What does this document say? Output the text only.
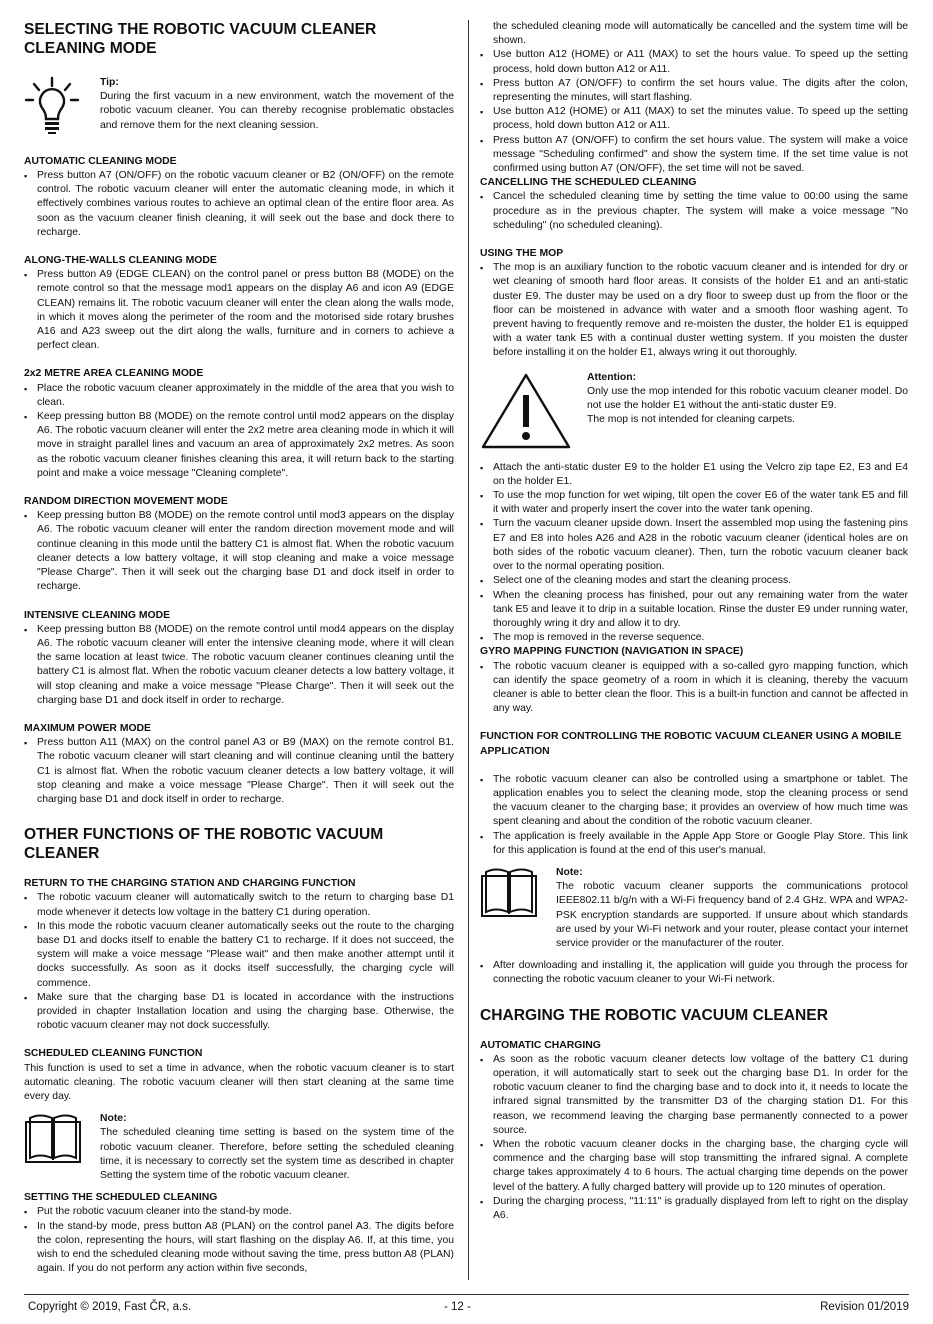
SELECTING THE ROBOTIC VACUUM CLEANER CLEANING MODE
Tip:

During the first vacuum in a new environment, watch the movement of the robotic vacuum cleaner. You can thereby recognise problematic obstacles and remove them for the next cleaning session.

AUTOMATIC CLEANING MODE
▪ Press button A7 (ON/OFF) on the robotic vacuum cleaner or B2 (ON/OFF) on the remote control. The robotic vacuum cleaner will enter the automatic cleaning mode, in which it effectively combines various routes to achieve an optimal clean of the entire floor area. As soon as the vacuum cleaner finish cleaning, it will seek out the base and dock there to recharge.
ALONG-THE-WALLS CLEANING MODE
▪ Press button A9 (EDGE CLEAN) on the control panel or press button B8 (MODE) on the remote control so that the message mod1 appears on the display A6 and icon A9 (EDGE CLEAN) remains lit. The robotic vacuum cleaner will enter the clean along the walls mode, in which it moves along the perimeter of the room and the motorised side rotary brushes A16 and A23 sweep out the dirt along the walls, furniture and in corners to achieve a perfect clean.
2x2 METRE AREA CLEANING MODE
▪ Place the robotic vacuum cleaner approximately in the middle of the area that you wish to clean.
▪ Keep pressing button B8 (MODE) on the remote control until mod2 appears on the display A6. The robotic vacuum cleaner will enter the 2x2 metre area cleaning mode in which it will move in straight parallel lines and vacuum an area of approximately 2x2 metres. As soon as the robotic vacuum cleaner finishes cleaning this area, it will return back to the starting point and make a voice message "Cleaning complete".
RANDOM DIRECTION MOVEMENT MODE
▪ Keep pressing button B8 (MODE) on the remote control until mod3 appears on the display A6. The robotic vacuum cleaner will enter the random direction movement mode and will continue cleaning in this mode until the battery C1 is almost flat. When the robotic vacuum cleaner detects a low battery voltage, it will stop cleaning and make a voice message "Please Charge". Then it will seek out the charging base D1 and dock itself in order to recharge.
INTENSIVE CLEANING MODE
▪ Keep pressing button B8 (MODE) on the remote control until mod4 appears on the display A6. The robotic vacuum cleaner will enter the intensive cleaning mode, where it will clean the same location at least twice. The robotic vacuum cleaner continues cleaning until the battery C1 is almost flat. When the robotic vacuum cleaner detects a low battery voltage, it will stop cleaning and make a voice message "Please Charge". Then it will seek out the charging base D1 and dock itself in order to recharge.
MAXIMUM POWER MODE
▪ Press button A11 (MAX) on the control panel A3 or B9 (MAX) on the remote control B1. The robotic vacuum cleaner will start cleaning and will continue cleaning until the battery C1 is almost flat. When the robotic vacuum cleaner detects a low battery voltage, it will stop cleaning and make a voice message "Please Charge". Then it will seek out the charging base D1 and dock itself in order to recharge.
OTHER FUNCTIONS OF THE ROBOTIC VACUUM CLEANER
RETURN TO THE CHARGING STATION AND CHARGING FUNCTION
▪ The robotic vacuum cleaner will automatically switch to the return to charging base D1 mode whenever it detects low voltage in the battery C1 during operation.
▪ In this mode the robotic vacuum cleaner automatically seeks out the route to the charging base D1 and docks itself to enable the battery C1 to recharge. If it does not succeed, the system will make a voice message "Please wait" and then make another attempt until it docks successfully. As soon as it docks itself successfully, the charging cycle will commence.
▪ Make sure that the charging base D1 is located in accordance with the instructions provided in chapter Installation location and using the charging base. Otherwise, the robotic vacuum cleaner may not dock successfully.
SCHEDULED CLEANING FUNCTION

This function is used to set a time in advance, when the robotic vacuum cleaner is to start automatic cleaning. The robotic vacuum cleaner will then start cleaning at the same time every day.

Note:

The scheduled cleaning time setting is based on the system time of the robotic vacuum cleaner. Therefore, before setting the scheduled cleaning time, it is necessary to correctly set the system time as described in chapter Setting the system time of the robotic vacuum cleaner.

SETTING THE SCHEDULED CLEANING
▪ Put the robotic vacuum cleaner into the stand-by mode.
▪ In the stand-by mode, press button A8 (PLAN) on the control panel A3. The digits before the colon, representing the hours, will start flashing on the display A6. If, at this time, you wish to end the scheduled cleaning mode without saving the time, press button A8 (PLAN) again. If you do not perform any action within five seconds,

the scheduled cleaning mode will automatically be cancelled and the system time will be shown.

▪ Use button A12 (HOME) or A11 (MAX) to set the hours value. To speed up the setting process, hold down button A12 or A11.
▪ Press button A7 (ON/OFF) to confirm the set hours value. The digits after the colon, representing the minutes, will start flashing.
▪ Use button A12 (HOME) or A11 (MAX) to set the minutes value. To speed up the setting process, hold down button A12 or A11.
▪ Press button A7 (ON/OFF) to confirm the set hours value. The system will make a voice message "Scheduling confirmed" and show the system time. If the set time value is not confirmed using button A7 (ON/OFF), the set time will not be saved.
CANCELLING THE SCHEDULED CLEANING
▪ Cancel the scheduled cleaning time by setting the time value to 00:00 using the same procedure as in the previous chapter. The system will make a voice message "No scheduling" (no scheduled cleaning).
USING THE MOP
▪ The mop is an auxiliary function to the robotic vacuum cleaner and is intended for dry or wet cleaning of smooth hard floor areas. It consists of the holder E1 and an anti-static duster E9. The duster may be used on a dry floor to sweep dust up from the floor or the floor can be moistened in advance with water and a smooth floor washing agent. To prevent having to frequently remove and re-moisten the duster, the holder E1 is equipped with a water tank E5 with a continual duster wetting system. If you moisten the duster before installing it on the holder E1, always wring it out thoroughly.
Attention:

Only use the mop intended for this robotic vacuum cleaner model. Do not use the holder E1 without the anti-static duster E9.

The mop is not intended for cleaning carpets.

▪ Attach the anti-static duster E9 to the holder E1 using the Velcro zip tape E2, E3 and E4 on the holder E1.
▪ To use the mop function for wet wiping, tilt open the cover E6 of the water tank E5 and fill it with water and properly insert the cover into the water tank opening.
▪ Turn the vacuum cleaner upside down. Insert the assembled mop using the fastening pins E7 and E8 into holes A26 and A28 in the robotic vacuum cleaner (identical holes are on both sides of the robotic vacuum cleaner). Then, turn the robotic vacuum cleaner back over to the normal operating position.
▪ Select one of the cleaning modes and start the cleaning process.
▪ When the cleaning process has finished, pour out any remaining water from the water tank E5 and leave it to drip in a suitable location. Rinse the duster E9 under running water, thoroughly wring it dry and allow it to dry.
▪ The mop is removed in the reverse sequence.
GYRO MAPPING FUNCTION (NAVIGATION IN SPACE)
▪ The robotic vacuum cleaner is equipped with a so-called gyro mapping function, which can identify the space geometry of a room in which it is cleaning, thereby the vacuum cleaner is able to better clean the floor. This is a built-in function and cannot be affected in any way.
FUNCTION FOR CONTROLLING THE ROBOTIC VACUUM CLEANER USING A MOBILE APPLICATION
▪ The robotic vacuum cleaner can also be controlled using a smartphone or tablet. The application enables you to select the cleaning mode, stop the cleaning process or send the vacuum cleaner to the charging base; it provides an overview of how much time was spent cleaning and about the condition of the robotic vacuum cleaner.
▪ The application is freely available in the Apple App Store or Google Play Store. This link for this application is found at the end of this user's manual.
Note:

The robotic vacuum cleaner supports the communications protocol IEEE802.11 b/g/n with a Wi-Fi frequency band of 2.4 GHz. WPA and WPA2-PSK encryption standards are supported. If unsure about which standards are used by your Wi-Fi network and your router, please contact your internet service provider or the manufacturer of the router.

▪ After downloading and installing it, the application will guide you through the process for connecting the robotic vacuum cleaner to your Wi-Fi network.
CHARGING THE ROBOTIC VACUUM CLEANER
AUTOMATIC CHARGING
▪ As soon as the robotic vacuum cleaner detects low voltage of the battery C1 during operation, it will automatically start to seek out the charging base D1. In order for the robotic vacuum cleaner to find the charging base and to dock into it, it needs to locate the infrared signal transmitted by the transmitter D3 of the charging station D1. For this reason, we recommend leaving the charging base permanently connected to a power source.
▪ When the robotic vacuum cleaner docks in the charging base, the charging cycle will commence and the charging base will stop transmitting the infrared signal. A complete charge takes approximately 4 to 6 hours. The actual charging time depends on the power level of the battery. A fully charged battery will provide up to 120 minutes of operation.
▪ During the charging process, "11:11" is gradually displayed from left to right on the display A6.
Copyright © 2019, Fast ČR, a.s.	- 12 -	Revision 01/2019
